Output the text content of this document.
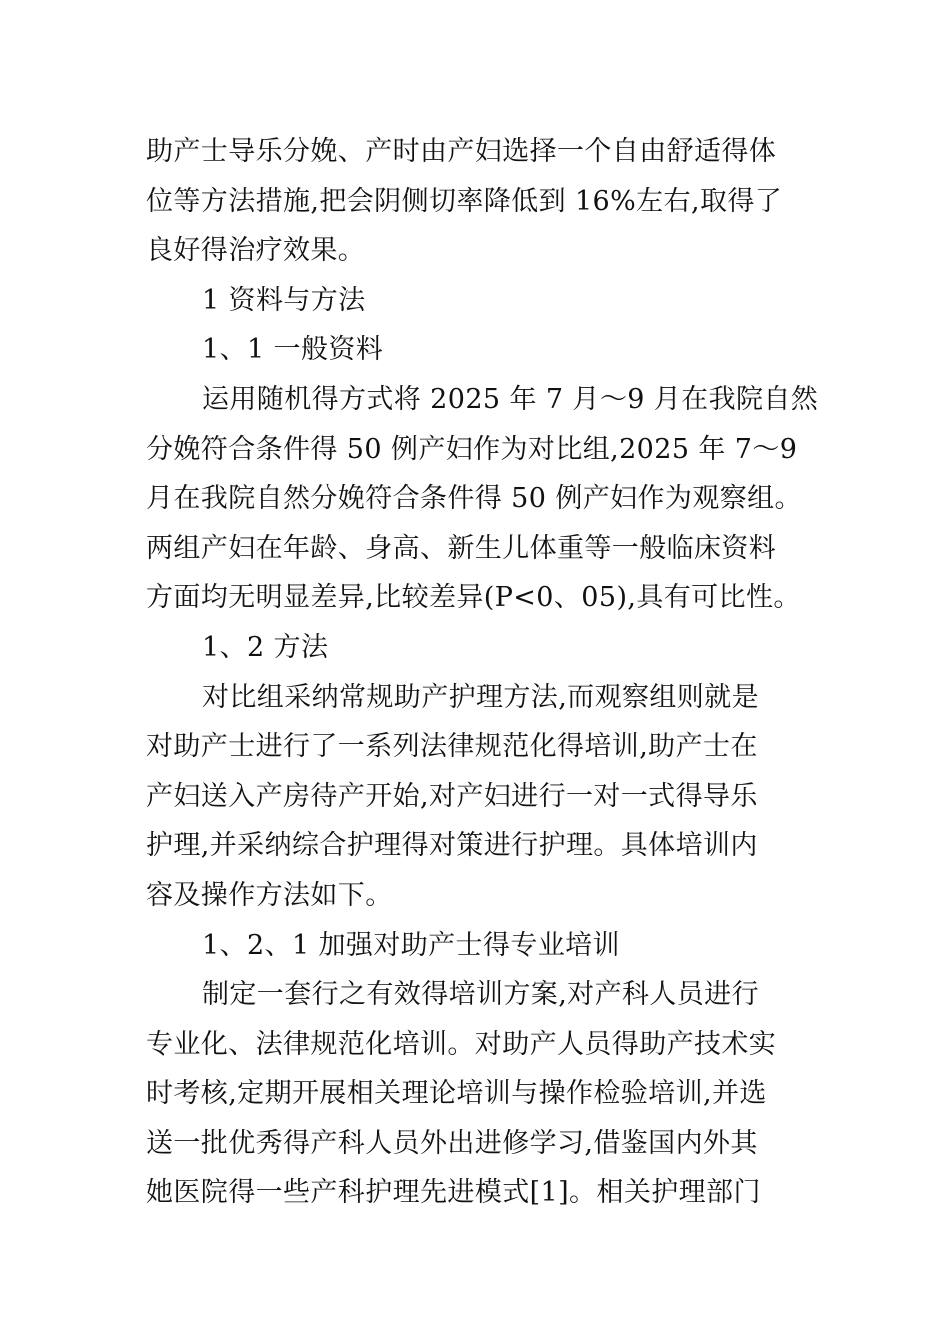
助产士导乐分娩、产时由产妇选择一个自由舒适得体
位等方法措施,把会阴侧切率降低到 16%左右,取得了
良好得治疗效果。
1 资料与方法
1、1 一般资料
运用随机得方式将 2025 年 7 月～9 月在我院自然
分娩符合条件得 50 例产妇作为对比组,2025 年 7～9
月在我院自然分娩符合条件得 50 例产妇作为观察组。
两组产妇在年龄、身高、新生儿体重等一般临床资料
方面均无明显差异,比较差异(P<0、05),具有可比性。
1、2 方法
对比组采纳常规助产护理方法,而观察组则就是
对助产士进行了一系列法律规范化得培训,助产士在
产妇送入产房待产开始,对产妇进行一对一式得导乐
护理,并采纳综合护理得对策进行护理。具体培训内
容及操作方法如下。
1、2、1 加强对助产士得专业培训
制定一套行之有效得培训方案,对产科人员进行
专业化、法律规范化培训。对助产人员得助产技术实
时考核,定期开展相关理论培训与操作检验培训,并选
送一批优秀得产科人员外出进修学习,借鉴国内外其
她医院得一些产科护理先进模式[1]。相关护理部门
